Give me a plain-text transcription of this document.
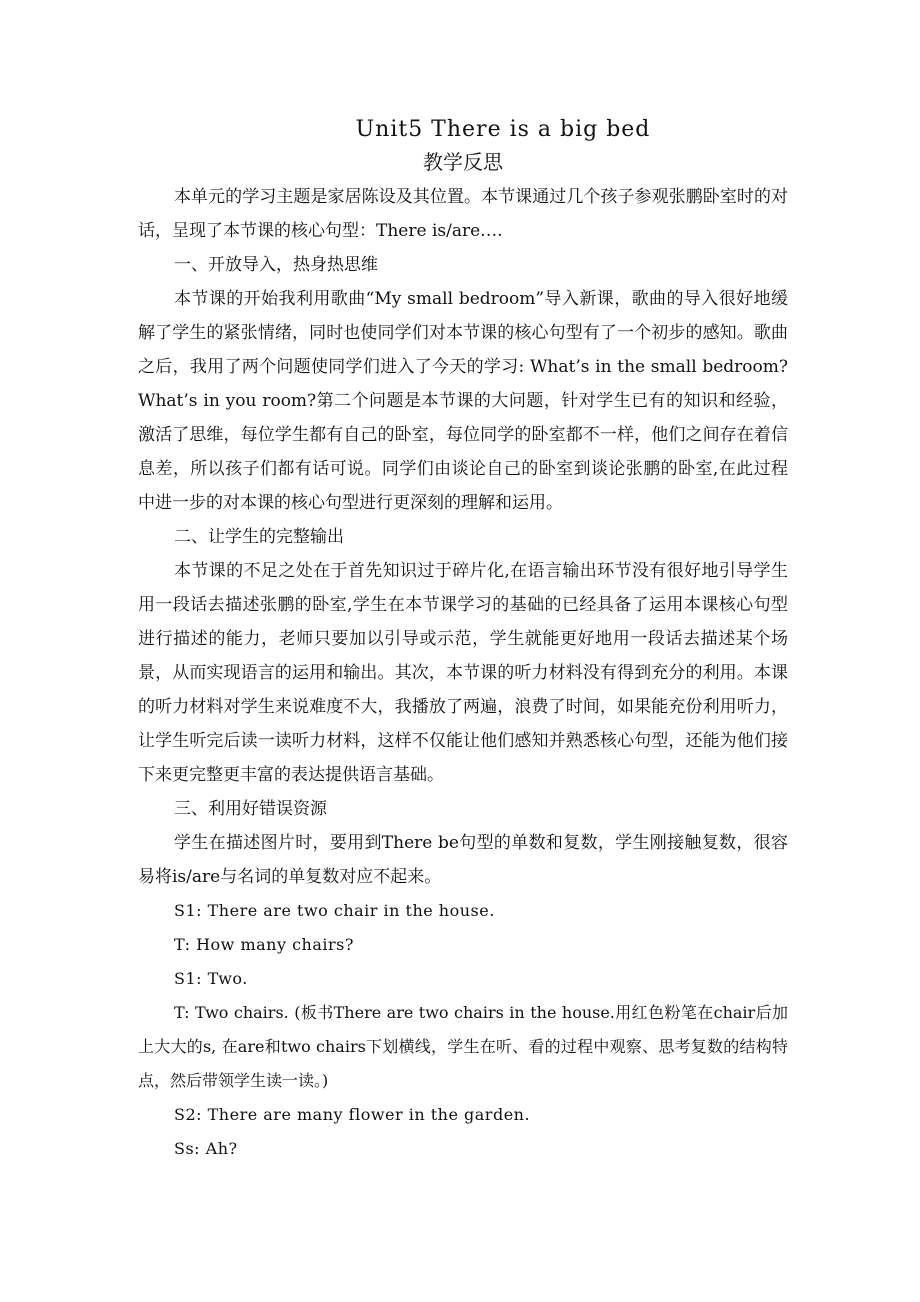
Unit5 There is a big bed
教学反思

本单元的学习主题是家居陈设及其位置。本节课通过几个孩子参观张鹏卧室时的对话，呈现了本节课的核心句型：There is/are….

一、开放导入，热身热思维

本节课的开始我利用歌曲“My small bedroom”导入新课，歌曲的导入很好地缓解了学生的紧张情绪，同时也使同学们对本节课的核心句型有了一个初步的感知。歌曲之后，我用了两个问题使同学们进入了今天的学习: What’s in the small bedroom? What’s in you room?第二个问题是本节课的大问题，针对学生已有的知识和经验，激活了思维，每位学生都有自己的卧室，每位同学的卧室都不一样，他们之间存在着信息差，所以孩子们都有话可说。同学们由谈论自己的卧室到谈论张鹏的卧室,在此过程中进一步的对本课的核心句型进行更深刻的理解和运用。

二、让学生的完整输出

本节课的不足之处在于首先知识过于碎片化,在语言输出环节没有很好地引导学生用一段话去描述张鹏的卧室,学生在本节课学习的基础的已经具备了运用本课核心句型进行描述的能力，老师只要加以引导或示范，学生就能更好地用一段话去描述某个场景，从而实现语言的运用和输出。其次，本节课的听力材料没有得到充分的利用。本课的听力材料对学生来说难度不大，我播放了两遍，浪费了时间，如果能充份利用听力，让学生听完后读一读听力材料，这样不仅能让他们感知并熟悉核心句型，还能为他们接下来更完整更丰富的表达提供语言基础。

三、利用好错误资源

学生在描述图片时，要用到There be句型的单数和复数，学生刚接触复数，很容易将is/are与名词的单复数对应不起来。

S1: There are two chair in the house.

T: How many chairs?

S1: Two.

T: Two chairs. (板书There are two chairs in the house.用红色粉笔在chair后加上大大的s, 在are和two chairs下划横线，学生在听、看的过程中观察、思考复数的结构特点，然后带领学生读一读。)

S2: There are many flower in the garden.

Ss: Ah?
